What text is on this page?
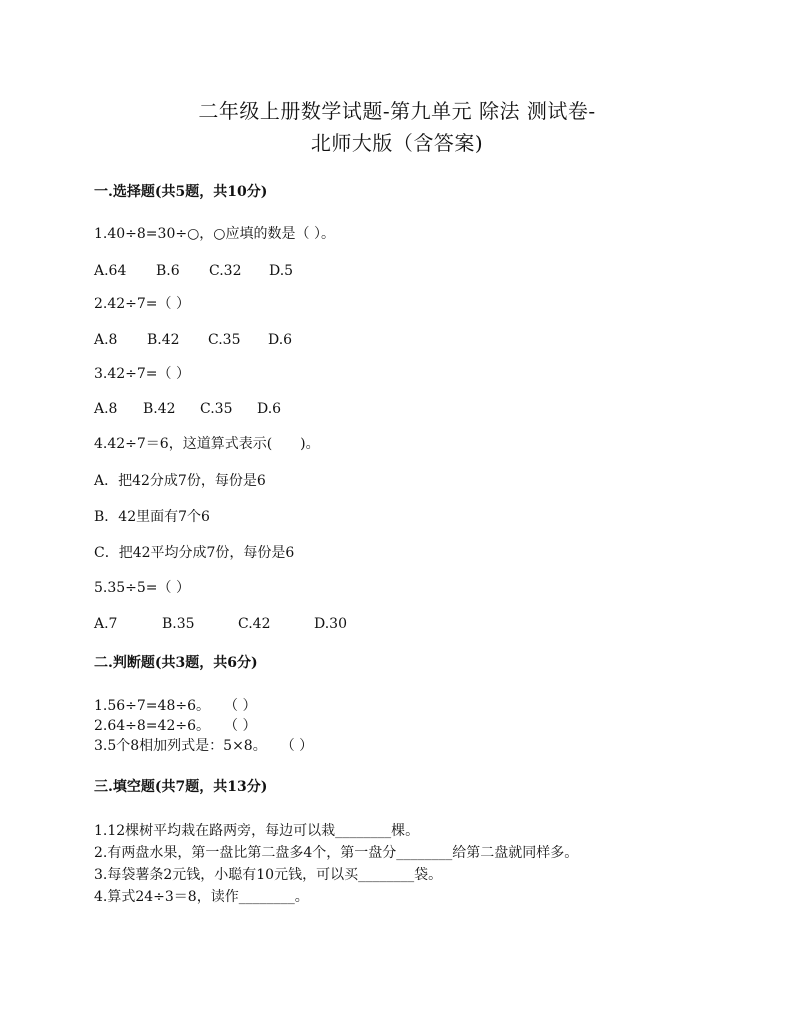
二年级上册数学试题-第九单元 除法 测试卷-
北师大版（含答案)
一.选择题(共5题，共10分)
1.40÷8=30÷○，○应填的数是（ ）。
A.64 B.6 C.32 D.5
2.42÷7=（ ）
A.8 B.42 C.35 D.6
3.42÷7=（ ）
A.8 B.42 C.35 D.6
4.42÷7＝6，这道算式表示(　　)。
A．把42分成7份，每份是6
B．42里面有7个6
C．把42平均分成7份，每份是6
5.35÷5=（ ）
A.7	B.35	C.42	D.30
二.判断题(共3题，共6分)
1.56÷7=48÷6。　　（ ）
2.64÷8=42÷6。　　（ ）
3.5个8相加列式是：5×8。　　（ ）
三.填空题(共7题，共13分)
1.12棵树平均栽在路两旁，每边可以栽________棵。
2.有两盘水果，第一盘比第二盘多4个，第一盘分________给第二盘就同样多。
3.每袋薯条2元钱，小聪有10元钱，可以买________袋。
4.算式24÷3＝8，读作________。
